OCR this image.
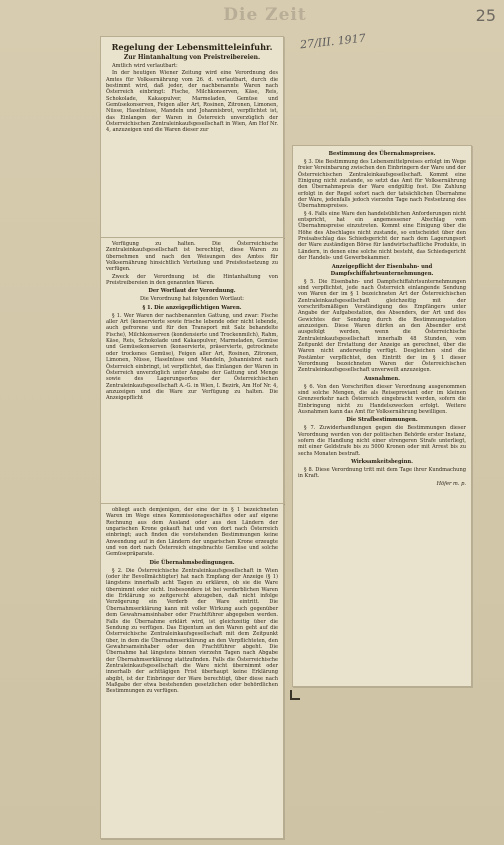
Die Zeit	25
27/III. 1917
Regelung der Lebensmitteleinfuhr.
Zur Hintanhaltung von Preistreibereien.

Amtlich wird verlautbart:

In der heutigen Wiener Zeitung wird eine Verordnung des Amtes für Volksernährung vom 26. d. verlautbart, durch die bestimmt wird, daß jeder, der nachbenannte Waren nach Österreich einbringt: Fische, Milchkonserven, Käse, Reis, Schokolade, Kakaopulver, Marmeladen, Gemüse und Gemüsekonserven, Feigen aller Art, Rosinen, Zitronen, Limonen, Nüsse, Haselnüsse, Mandeln und Johannisbrot, verpflichtet ist, das Einlangen der Waren in Österreich unverzüglich der Österreichischen Zentraleinkaufsgesellschaft in Wien, Am Hof Nr. 4, anzuzeigen und die Waren dieser zur

Verfügung zu halten. Die Österreichische Zentraleinkaufsgesellschaft ist berechtigt, diese Waren zu übernehmen und nach den Weisungen des Amtes für Volksernährung hinsichtlich Verteilung und Preisfestsetzung zu verfügen.

Zweck der Verordnung ist die Hintanhaltung von Preistreibereien in den genannten Waren.

Der Wortlaut der Verordnung.

Die Verordnung hat folgenden Wortlaut:

§ 1. Die anzeigepflichtigen Waren.

§ 1. Wer Waren der nachbenannten Gattung, und zwar: Fische aller Art (konservierte sowie frische lebende oder nicht lebende, auch gefrorene und für den Transport mit Salz behandelte Fische), Milchkonserven (kondensierte und Trockenmilch), Rahm, Käse, Reis, Schokolade und Kakaopulver, Marmeladen, Gemüse und Gemüsekonserven (konservierte, präservierte, getrocknete oder trockenes Gemüse), Feigen aller Art, Rosinen, Zitronen, Limonen, Nüsse, Haselnüsse und Mandeln, Johannisbrot nach Österreich einbringt, ist verpflichtet, das Einlangen der Waren in Österreich unverzüglich unter Angabe der Gattung und Menge sowie des Lagerungsortes der Österreichischen Zentraleinkaufsgesellschaft A.-G. in Wien, I. Bezirk, Am Hof Nr. 4, anzuzeigen und die Ware zur Verfügung zu halten. Die Anzeigepflicht

obliegt auch demjenigen, der eine der in § 1 bezeichneten Waren im Wege eines Kommissionsgeschäftes oder auf eigene Rechnung aus dem Ausland oder aus den Ländern der ungarischen Krone gekauft hat und von dort nach Österreich einbringt; auch finden die vorstehenden Bestimmungen keine Anwendung auf in den Ländern der ungarischen Krone erzeugte und von dort nach Österreich eingebrachte Gemüse und solche Gemüsepräparate.

Die Übernahmsbedingungen.

§ 2. Die Österreichische Zentraleinkaufsgesellschaft in Wien (oder ihr Bevollmächtigter) hat nach Empfang der Anzeige (§ 1) längstens innerhalb acht Tagen zu erklären, ob sie die Ware übernimmt oder nicht. Insbesondere ist bei verderblichen Waren die Erklärung so zeitgerecht abzugeben, daß nicht infolge Verzögerung ein Verderb der Ware eintritt. Die Übernahmserklärung kann mit voller Wirkung auch gegenüber dem Gewahrsamsinhaber oder Frachtführer abgegeben werden. Falls die Übernahme erklärt wird, ist gleichzeitig über die Sendung zu verfügen. Das Eigentum an den Waren geht auf die Österreichische Zentraleinkaufsgesellschaft mit dem Zeitpunkt über, in dem die Übernahmserklärung an den Verpflichteten, den Gewahrsamsinhaber oder den Frachtführer abgeht. Die Übernahme hat längstens binnen vierzehn Tagen nach Abgabe der Übernahmserklärung stattzufinden. Falls die Österreichische Zentraleinkaufsgesellschaft die Ware nicht übernimmt oder innerhalb der achttägigen Frist überhaupt keine Erklärung abgibt, ist der Einbringer der Ware berechtigt, über diese nach Maßgabe der etwa bestehenden gesetzlichen oder behördlichen Bestimmungen zu verfügen.

Bestimmung des Übernahmspreises.

§ 3. Die Bestimmung des Lebensmittelpreises erfolgt im Wege freier Vereinbarung zwischen den Einbringern der Ware und der Österreichischen Zentraleinkaufsgesellschaft. Kommt eine Einigung nicht zustande, so setzt das Amt für Volksernährung den Übernahmspreis der Ware endgültig fest. Die Zahlung erfolgt in der Regel sofort nach der tatsächlichen Übernahme der Ware, jedenfalls jedoch vierzehn Tage nach Festsetzung des Übernahmspreises.

§ 4. Falls eine Ware den handelsüblichen Anforderungen nicht entspricht, hat ein angemessener Abschlag vom Übernahmspreise einzutreten. Kommt eine Einigung über die Höhe des Abschlages nicht zustande, so entscheidet über den Preisabschlag das Schiedsgericht der nach dem Lagerungsort der Ware zuständigen Börse für landwirtschaftliche Produkte, in Ländern, in denen eine solche nicht besteht, das Schiedsgericht der Handels- und Gewerbekammer.

Anzeigepflicht der Eisenbahn- und Dampfschiffahrtsunternehmungen.

§ 5. Die Eisenbahn- und Dampfschiffahrtsunternehmungen sind verpflichtet, jede nach Österreich einlangende Sendung von Waren der im § 1 bezeichneten Art der Österreichischen Zentraleinkaufsgesellschaft gleichzeitig mit der vorschriftsmäßigen Verständigung des Empfängers unter Angabe der Aufgabestation, des Absenders, der Art und des Gewichtes der Sendung durch die Bestimmungsstation anzuzeigen. Diese Waren dürfen an den Absender erst ausgefolgt werden, wenn die Österreichische Zentraleinkaufsgesellschaft innerhalb 48 Stunden, vom Zeitpunkt der Erstattung der Anzeige an gerechnet, über die Waren nicht anderweitig verfügt. Desgleichen sind die Postämter verpflichtet, den Eintritt der im § 1 dieser Verordnung bezeichneten Waren der Österreichischen Zentraleinkaufsgesellschaft unverweilt anzuzeigen.

Ausnahmen.

§ 6. Von den Vorschriften dieser Verordnung ausgenommen sind solche Mengen, die als Reiseproviant oder im kleinen Grenzverkehr nach Österreich eingebracht werden, sofern die Einbringung nicht zu Handelszwecken erfolgt. Weitere Ausnahmen kann das Amt für Volksernährung bewilligen.

Die Strafbestimmungen.

§ 7. Zuwiderhandlungen gegen die Bestimmungen dieser Verordnung werden von der politischen Behörde erster Instanz, sofern die Handlung nicht einer strengeren Strafe unterliegt, mit einer Geldstrafe bis zu 5000 Kronen oder mit Arrest bis zu sechs Monaten bestraft.

Wirksamkeitsbeginn.

§ 8. Diese Verordnung tritt mit dem Tage ihrer Kundmachung in Kraft.

Höfer m. p.
